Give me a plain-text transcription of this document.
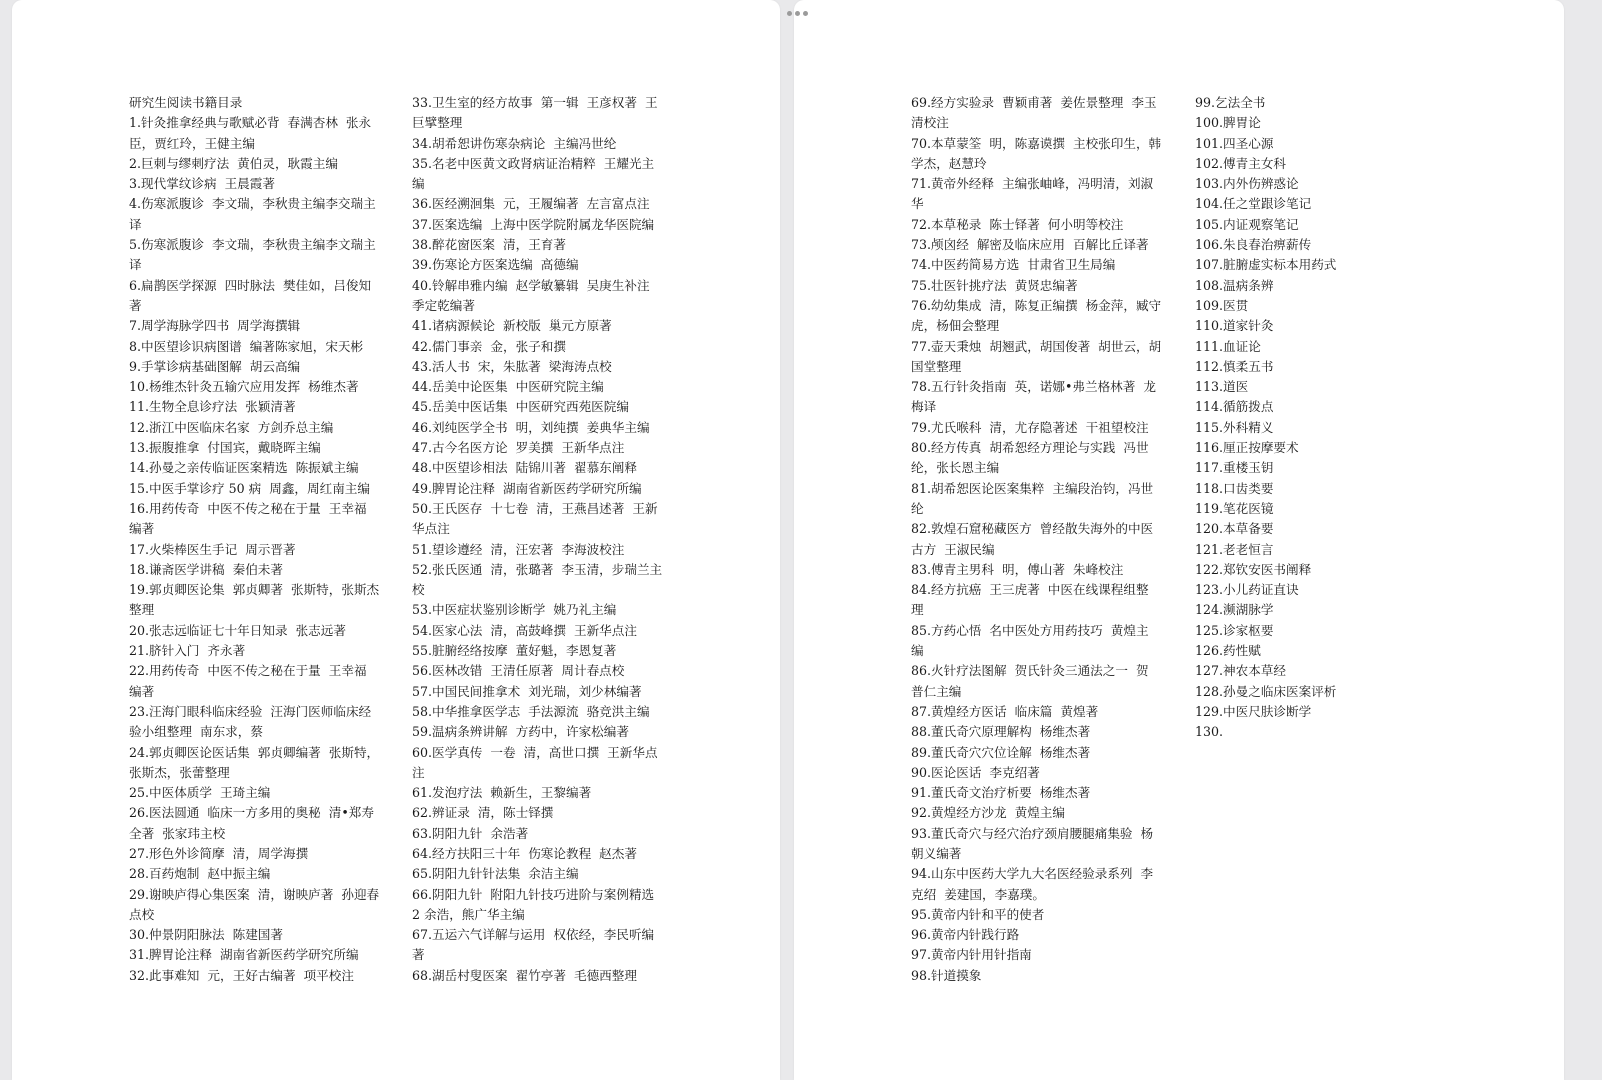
研究生阅读书籍目录
1.针灸推拿经典与歌赋必背  春满杏林  张永
臣，贾红玲，王健主编
2.巨刺与缪刺疗法  黄伯灵，耿霞主编
3.现代掌纹诊病  王晨霞著
4.伤寒派腹诊  李文瑞，李秋贵主编李交瑞主
译
5.伤寒派腹诊  李文瑞，李秋贵主编李文瑞主
译
6.扁鹊医学探源  四时脉法  樊佳如，吕俊知
著
7.周学海脉学四书  周学海撰辑
8.中医望诊识病图谱  编著陈家旭，宋天彬
9.手掌诊病基础图解  胡云高编
10.杨维杰针灸五输穴应用发挥  杨维杰著
11.生物全息诊疗法  张颖清著
12.浙江中医临床名家  方剑乔总主编
13.振腹推拿  付国宾，戴晓晖主编
14.孙曼之亲传临证医案精选  陈振斌主编
15.中医手掌诊疗 50 病  周鑫，周红南主编
16.用药传奇  中医不传之秘在于量  王幸福
编著
17.火柴棒医生手记  周示晋著
18.谦斋医学讲稿  秦伯未著
19.郭贞卿医论集  郭贞卿著  张斯特，张斯杰
整理
20.张志远临证七十年日知录  张志远著
21.脐针入门  齐永著
22.用药传奇  中医不传之秘在于量  王幸福
编著
23.汪海门眼科临床经验  汪海门医师临床经
验小组整理  南东求，蔡
24.郭贞卿医论医话集  郭贞卿编著  张斯特，
张斯杰，张蕾整理
25.中医体质学  王琦主编
26.医法圆通  临床一方多用的奥秘  清•郑寿
全著  张家玮主校
27.形色外诊简摩  清，周学海撰
28.百药炮制  赵中振主编
29.谢映庐得心集医案  清，谢映庐著  孙迎春
点校
30.仲景阴阳脉法  陈建国著
31.脾胃论注释  湖南省新医药学研究所编
32.此事难知  元，王好古编著  项平校注
33.卫生室的经方故事  第一辑  王彦权著  王
巨擘整理
34.胡希恕讲伤寒杂病论  主编冯世纶
35.名老中医黄文政肾病证治精粹  王耀光主
编
36.医经溯洄集  元，王履编著  左言富点注
37.医案选编  上海中医学院附属龙华医院编
38.醉花窗医案  清，王育著
39.伤寒论方医案选编  高德编
40.铃解串雅内编  赵学敏纂辑  吴庚生补注
季定乾编著
41.诸病源候论  新校版  巢元方原著
42.儒门事亲  金，张子和撰
43.活人书  宋，朱肱著  梁海涛点校
44.岳美中论医集  中医研究院主编
45.岳美中医话集  中医研究西苑医院编
46.刘纯医学全书  明，刘纯撰  姜典华主编
47.古今名医方论  罗美撰  王新华点注
48.中医望诊相法  陆锦川著  翟慕东阐释
49.脾胃论注释  湖南省新医药学研究所编
50.王氏医存  十七卷  清，王燕昌述著  王新
华点注
51.望诊遵经  清，汪宏著  李海波校注
52.张氏医通  清，张璐著  李玉清，步瑞兰主
校
53.中医症状鉴别诊断学  姚乃礼主编
54.医家心法  清，高鼓峰撰  王新华点注
55.脏腑经络按摩  董好魁，李恩复著
56.医林改错  王清任原著  周计春点校
57.中国民间推拿术  刘光瑞，刘少林编著
58.中华推拿医学志  手法源流  骆竞洪主编
59.温病条辨讲解  方药中，许家松编著
60.医学真传  一卷  清，高世口撰  王新华点
注
61.发泡疗法  赖新生，王黎编著
62.辨证录  清，陈士铎撰
63.阴阳九针  余浩著
64.经方扶阳三十年  伤寒论教程  赵杰著
65.阴阳九针针法集  余洁主编
66.阴阳九针  附阳九针技巧进阶与案例精选
2 余浩，熊广华主编
67.五运六气详解与运用  权依经，李民听编
著
68.湖岳村叟医案  翟竹亭著  毛德西整理
69.经方实验录  曹颖甫著  姜佐景整理  李玉
清校注
70.本草蒙筌  明，陈嘉谟撰  主校张印生，韩
学杰，赵慧玲
71.黄帝外经释  主编张岫峰，冯明清，刘淑
华
72.本草秘录  陈士铎著  何小明等校注
73.颅囟经  解密及临床应用  百解比丘译著
74.中医药简易方选  甘肃省卫生局编
75.壮医针挑疗法  黄贤忠编著
76.幼幼集成  清，陈复正编撰  杨金萍，臧守
虎，杨佃会整理
77.壶天秉烛  胡翘武，胡国俊著  胡世云，胡
国堂整理
78.五行针灸指南  英，诺娜•弗兰格林著  龙
梅译
79.尤氏喉科  清，尤存隐著述  干祖望校注
80.经方传真  胡希恕经方理论与实践  冯世
纶，张长恩主编
81.胡希恕医论医案集粹  主编段治钧，冯世
纶
82.敦煌石窟秘藏医方  曾经散失海外的中医
古方  王淑民编
83.傅青主男科  明，傅山著  朱峰校注
84.经方抗癌  王三虎著  中医在线课程组整
理
85.方药心悟  名中医处方用药技巧  黄煌主
编
86.火针疗法图解  贺氏针灸三通法之一  贺
普仁主编
87.黄煌经方医话  临床篇  黄煌著
88.董氏奇穴原理解构  杨维杰著
89.董氏奇穴穴位诠解  杨维杰著
90.医论医话  李克绍著
91.董氏奇文治疗析要  杨维杰著
92.黄煌经方沙龙  黄煌主编
93.董氏奇穴与经穴治疗颈肩腰腿痛集验  杨
朝义编著
94.山东中医药大学九大名医经验录系列  李
克绍  姜建国，李嘉璞。
95.黄帝内针和平的使者
96.黄帝内针践行路
97.黄帝内针用针指南
98.针道摸象
99.乞法全书
100.脾胃论
101.四圣心源
102.傅青主女科
103.内外伤辨惑论
104.任之堂跟诊笔记
105.内证观察笔记
106.朱良春治痹薪传
107.脏腑虚实标本用药式
108.温病条辨
109.医贯
110.道家针灸
111.血证论
112.慎柔五书
113.道医
114.循筋拨点
115.外科精义
116.厘正按摩要术
117.重楼玉钥
118.口齿类要
119.笔花医镜
120.本草备要
121.老老恒言
122.郑钦安医书阐释
123.小儿药证直诀
124.濒湖脉学
125.诊家枢要
126.药性赋
127.神农本草经
128.孙曼之临床医案评析
129.中医尺肤诊断学
130.
